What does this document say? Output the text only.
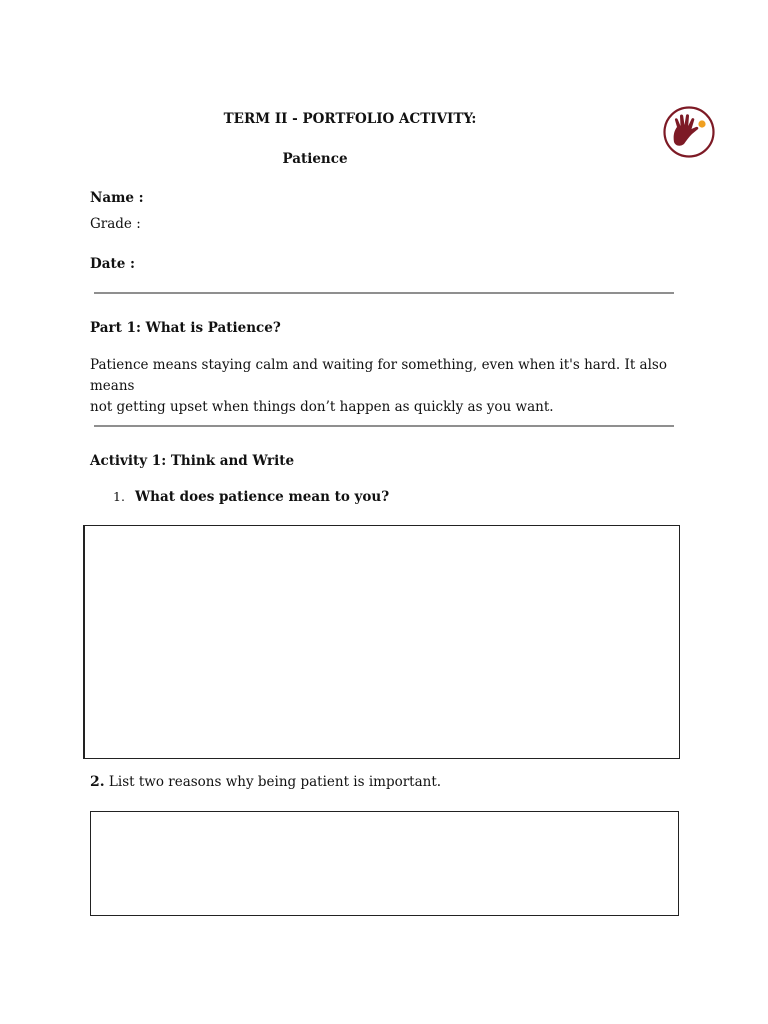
TERM II - PORTFOLIO ACTIVITY:
Patience
Name :
Grade :
Date :
Part 1: What is Patience?
Patience means staying calm and waiting for something, even when it's hard. It also means
not getting upset when things don’t happen as quickly as you want.
Activity 1: Think and Write
1. What does patience mean to you?
2. List two reasons why being patient is important.
